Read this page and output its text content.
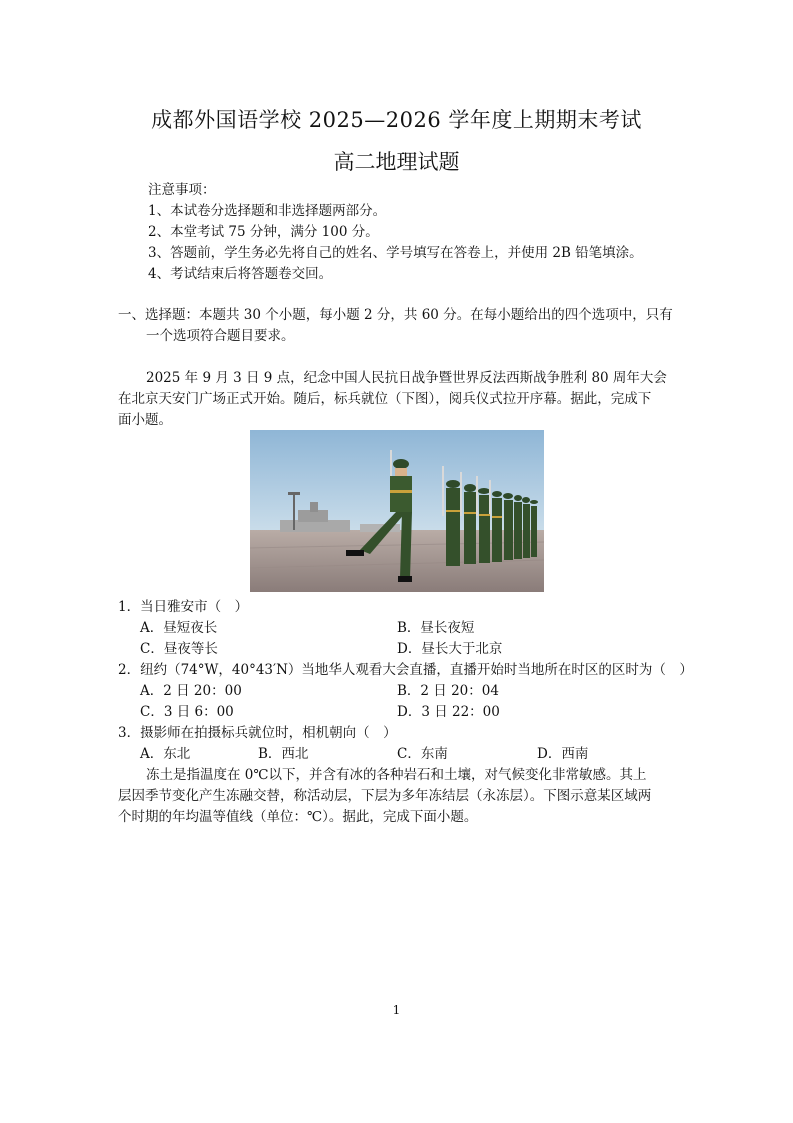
成都外国语学校 2025—2026 学年度上期期末考试
高二地理试题
注意事项：
1、本试卷分选择题和非选择题两部分。
2、本堂考试 75 分钟，满分 100 分。
3、答题前，学生务必先将自己的姓名、学号填写在答卷上，并使用 2B 铅笔填涂。
4、考试结束后将答题卷交回。
一、选择题：本题共 30 个小题，每小题 2 分，共 60 分。在每小题给出的四个选项中，只有
一个选项符合题目要求。
2025 年 9 月 3 日 9 点，纪念中国人民抗日战争暨世界反法西斯战争胜利 80 周年大会
在北京天安门广场正式开始。随后，标兵就位（下图），阅兵仪式拉开序幕。据此，完成下
面小题。
1．当日雅安市（　）
A．昼短夜长	B．昼长夜短
C．昼夜等长	D．昼长大于北京
2．纽约（74°W，40°43′N）当地华人观看大会直播，直播开始时当地所在时区的区时为（　）
A．2 日 20：00	B．2 日 20：04
C．3 日 6：00	D．3 日 22：00
3．摄影师在拍摄标兵就位时，相机朝向（　）
A．东北	B．西北	C．东南	D．西南
冻土是指温度在 0℃以下，并含有冰的各种岩石和土壤，对气候变化非常敏感。其上
层因季节变化产生冻融交替，称活动层，下层为多年冻结层（永冻层）。下图示意某区域两
个时期的年均温等值线（单位：℃）。据此，完成下面小题。
1
